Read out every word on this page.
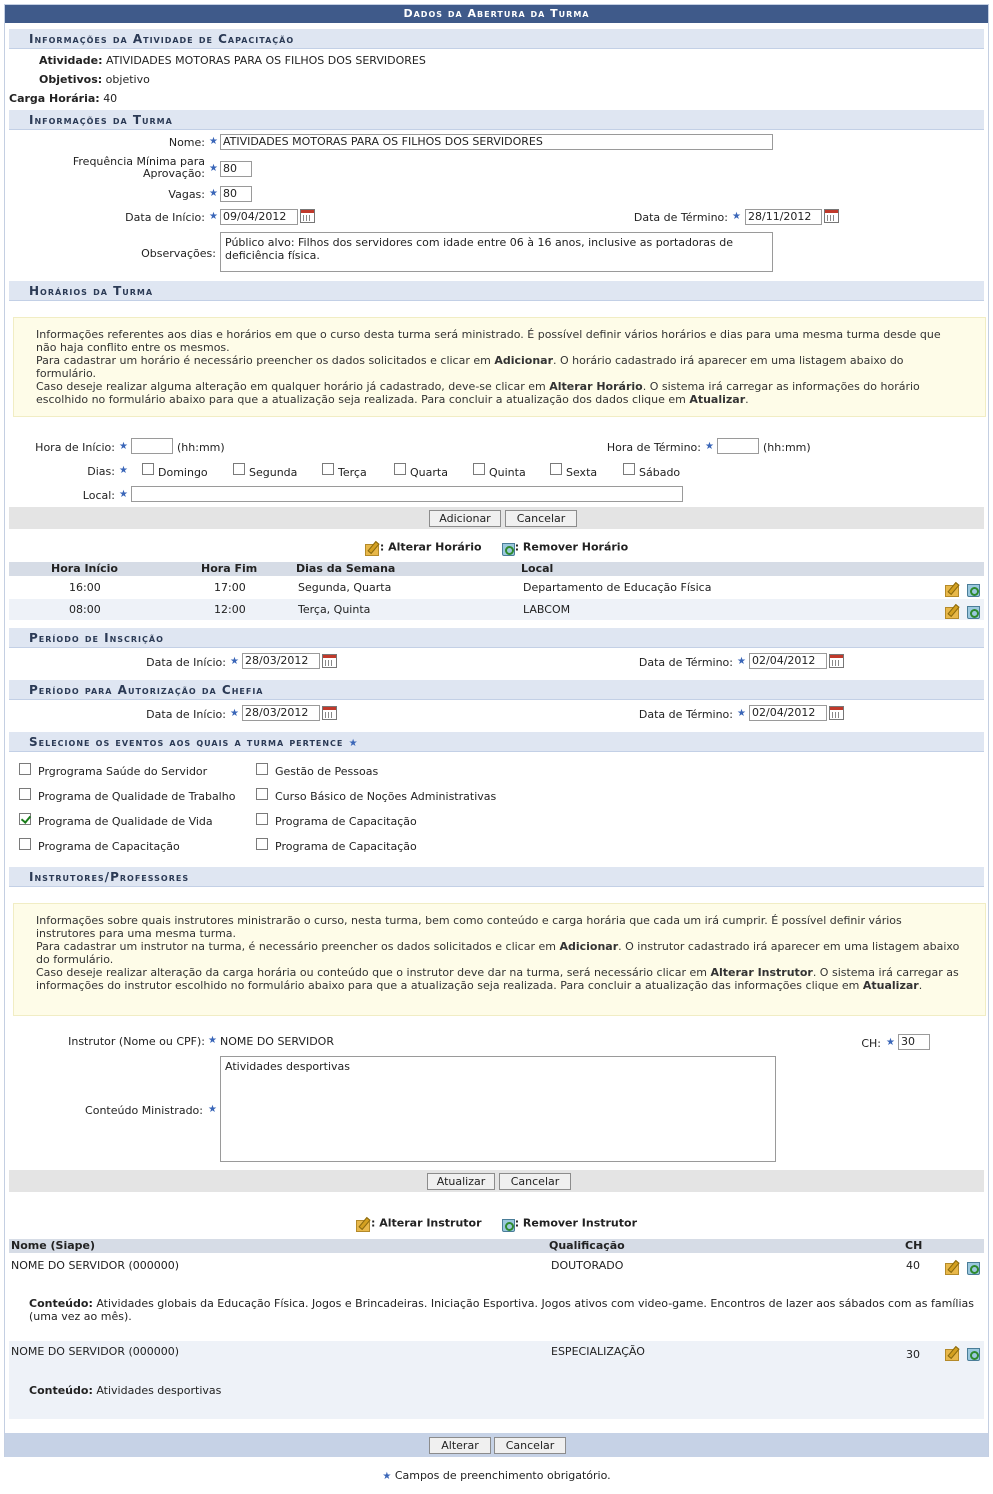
Dados da Abertura da Turma
Informações da Atividade de Capacitação
Atividade: ATIVIDADES MOTORAS PARA OS FILHOS DOS SERVIDORES
Objetivos: objetivo
Carga Horária: 40
Informações da Turma
Nome: ★ ATIVIDADES MOTORAS PARA OS FILHOS DOS SERVIDORES
Frequência Mínima para
Aprovação: ★ 80
Vagas: ★ 80
Data de Início: ★ 09/04/2012	Data de Término: ★ 28/11/2012
Observações:
Público alvo: Filhos dos servidores com idade entre 06 à 16 anos, inclusive as portadoras de deficiência física.
Horários da Turma

Informações referentes aos dias e horários em que o curso desta turma será ministrado. É possível definir vários horários e dias para uma mesma turma desde que não haja conflito entre os mesmos.

Para cadastrar um horário é necessário preencher os dados solicitados e clicar em Adicionar. O horário cadastrado irá aparecer em uma listagem abaixo do formulário.

Caso deseje realizar alguma alteração em qualquer horário já cadastrado, deve-se clicar em Alterar Horário. O sistema irá carregar as informações do horário escolhido no formulário abaixo para que a atualização seja realizada. Para concluir a atualização dos dados clique em Atualizar.

Hora de Início: ★	(hh:mm)	Hora de Término: ★	(hh:mm)
Dias: ★	Domingo	Segunda	Terça	Quarta	Quinta	Sexta	Sábado
Local: ★
Adicionar	Cancelar
: Alterar Horário	: Remover Horário
Hora Início	Hora Fim	Dias da Semana	Local
16:00	17:00	Segunda, Quarta	Departamento de Educação Física
08:00	12:00	Terça, Quinta	LABCOM
Período de Inscrição
Data de Início: ★ 28/03/2012	Data de Término: ★ 02/04/2012
Período para Autorização da Chefia
Data de Início: ★ 28/03/2012	Data de Término: ★ 02/04/2012
Selecione os eventos aos quais a turma pertence ★
Prgrograma Saúde do Servidor
Programa de Qualidade de Trabalho
Programa de Qualidade de Vida
Programa de Capacitação
Gestão de Pessoas
Curso Básico de Noções Administrativas
Programa de Capacitação
Programa de Capacitação
Instrutores/Professores

Informações sobre quais instrutores ministrarão o curso, nesta turma, bem como conteúdo e carga horária que cada um irá cumprir. É possível definir vários instrutores para uma mesma turma.

Para cadastrar um instrutor na turma, é necessário preencher os dados solicitados e clicar em Adicionar. O instrutor cadastrado irá aparecer em uma listagem abaixo do formulário.

Caso deseje realizar alteração da carga horária ou conteúdo que o instrutor deve dar na turma, será necessário clicar em Alterar Instrutor. O sistema irá carregar as informações do instrutor escolhido no formulário abaixo para que a atualização seja realizada. Para concluir a atualização das informações clique em Atualizar.

Instrutor (Nome ou CPF): ★ NOME DO SERVIDOR	CH: ★ 30
Conteúdo Ministrado: ★
Atividades desportivas
Atualizar	Cancelar
: Alterar Instrutor	: Remover Instrutor
Nome (Siape)	Qualificação	CH
NOME DO SERVIDOR (000000)	DOUTORADO	40
Conteúdo: Atividades globais da Educação Física. Jogos e Brincadeiras. Iniciação Esportiva. Jogos ativos com video-game. Encontros de lazer aos sábados com as famílias (uma vez ao mês).
NOME DO SERVIDOR (000000)	ESPECIALIZAÇÃO	30
Conteúdo: Atividades desportivas
Alterar	Cancelar
★ Campos de preenchimento obrigatório.
